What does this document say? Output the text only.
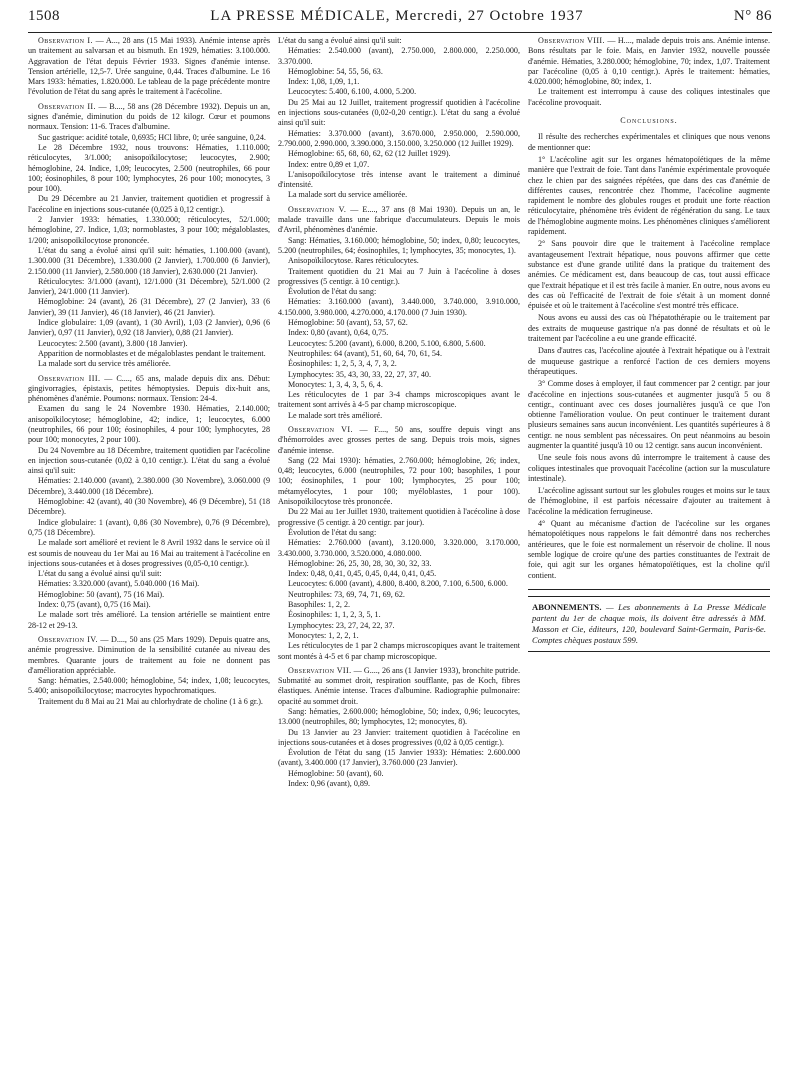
1508	LA PRESSE MÉDICALE, Mercredi, 27 Octobre 1937	N° 86

Observation I. — A..., 28 ans (15 Mai 1933). Anémie intense après un traitement au salvarsan et au bismuth. En 1929, hématies: 3.100.000. Aggravation de l'état depuis Février 1933. Signes d'anémie intense. Tension artérielle, 12,5-7. Urée sanguine, 0,44. Traces d'albumine. Le 16 Mars 1933: hématies, 1.820.000. Le tableau de la page précédente montre l'évolution de l'état du sang après le traitement à l'acécoline.

Observation II. — B...., 58 ans (28 Décembre 1932). Depuis un an, signes d'anémie, diminution du poids de 12 kilogr. Cœur et poumons normaux. Tension: 11-6. Traces d'albumine.

Suc gastrique: acidité totale, 0,6935; HCl libre, 0; urée sanguine, 0,24.

Le 28 Décembre 1932, nous trouvons: Hématies, 1.110.000; réticulocytes, 3/1.000; anisopoïkilocytose; leucocytes, 2.900; hémoglobine, 24. Indice, 1,09; leucocytes, 2.500 (neutrophiles, 66 pour 100; éosinophiles, 8 pour 100; lymphocytes, 26 pour 100; monocytes, 3 pour 100).

Du 29 Décembre au 21 Janvier, traitement quotidien et progressif à l'acécoline en injections sous-cutanée (0,025 à 0,12 centigr.).

2 Janvier 1933: hématies, 1.330.000; réticulocytes, 52/1.000; hémoglobine, 27. Indice, 1,03; normoblastes, 3 pour 100; mégaloblastes, 1/200; anisopoïkilocytose prononcée.

L'état du sang a évolué ainsi qu'il suit: hématies, 1.100.000 (avant), 1.300.000 (31 Décembre), 1.330.000 (2 Janvier), 1.700.000 (6 Janvier), 2.150.000 (11 Janvier), 2.580.000 (18 Janvier), 2.630.000 (21 Janvier).

Réticulocytes: 3/1.000 (avant), 12/1.000 (31 Décembre), 52/1.000 (2 Janvier), 24/1.000 (11 Janvier).

Hémoglobine: 24 (avant), 26 (31 Décembre), 27 (2 Janvier), 33 (6 Janvier), 39 (11 Janvier), 46 (18 Janvier), 46 (21 Janvier).

Indice globulaire: 1,09 (avant), 1 (30 Avril), 1,03 (2 Janvier), 0,96 (6 Janvier), 0,97 (11 Janvier), 0,92 (18 Janvier), 0,88 (21 Janvier).

Leucocytes: 2.500 (avant), 3.800 (18 Janvier).

Apparition de normoblastes et de mégaloblastes pendant le traitement.

La malade sort du service très améliorée.

Observation III. — C...., 65 ans, malade depuis dix ans. Début: gingivorragies, épistaxis, petites hémoptysies. Depuis dix-huit ans, phénomènes d'anémie. Poumons: normaux. Tension: 24-4.

Examen du sang le 24 Novembre 1930. Hématies, 2.140.000; anisopoïkilocytose; hémoglobine, 42; indice, 1; leucocytes, 6.000 (neutrophiles, 66 pour 100; éosinophiles, 4 pour 100; lymphocytes, 28 pour 100; monocytes, 2 pour 100).

Du 24 Novembre au 18 Décembre, traitement quotidien par l'acécoline en injection sous-cutanée (0,02 à 0,10 centigr.). L'état du sang a évolué ainsi qu'il suit:

Hématies: 2.140.000 (avant), 2.380.000 (30 Novembre), 3.060.000 (9 Décembre), 3.440.000 (18 Décembre).

Hémoglobine: 42 (avant), 40 (30 Novembre), 46 (9 Décembre), 51 (18 Décembre).

Indice globulaire: 1 (avant), 0,86 (30 Novembre), 0,76 (9 Décembre), 0,75 (18 Décembre).

Le malade sort amélioré et revient le 8 Avril 1932 dans le service où il est soumis de nouveau du 1er Mai au 16 Mai au traitement à l'acécoline en injections sous-cutanées et à doses progressives (0,05-0,10 centigr.).

L'état du sang a évolué ainsi qu'il suit:

Hématies: 3.320.000 (avant), 5.040.000 (16 Mai).

Hémoglobine: 50 (avant), 75 (16 Mai).

Index: 0,75 (avant), 0,75 (16 Mai).

Le malade sort très amélioré. La tension artérielle se maintient entre 28-12 et 29-13.

Observation IV. — D...., 50 ans (25 Mars 1929). Depuis quatre ans, anémie progressive. Diminution de la sensibilité cutanée au niveau des membres. Quarante jours de traitement au foie ne donnent pas d'amélioration appréciable.

Sang: hématies, 2.540.000; hémoglobine, 54; index, 1,08; leucocytes, 5.400; anisopoïkilocytose; macrocytes hypochromatiques.

Traitement du 8 Mai au 21 Mai au chlorhydrate de choline (1 à 6 gr.).

L'état du sang a évolué ainsi qu'il suit:

Hématies: 2.540.000 (avant), 2.750.000, 2.800.000, 2.250.000, 3.370.000.

Hémoglobine: 54, 55, 56, 63.

Index: 1,08, 1,09, 1,1.

Leucocytes: 5.400, 6.100, 4.000, 5.200.

Du 25 Mai au 12 Juillet, traitement progressif quotidien à l'acécoline en injections sous-cutanées (0,02-0,20 centigr.). L'état du sang a évolué ainsi qu'il suit:

Hématies: 3.370.000 (avant), 3.670.000, 2.950.000, 2.590.000, 2.790.000, 2.990.000, 3.390.000, 3.150.000, 3.250.000 (12 Juillet 1929).

Hémoglobine: 65, 68, 60, 62, 62 (12 Juillet 1929).

Index: entre 0,89 et 1,07.

L'anisopoïkilocytose très intense avant le traitement a diminué d'intensité.

La malade sort du service améliorée.

Observation V. — E...., 37 ans (8 Mai 1930). Depuis un an, le malade travaille dans une fabrique d'accumulateurs. Depuis le mois d'Avril, phénomènes d'anémie.

Sang: Hématies, 3.160.000; hémoglobine, 50; index, 0,80; leucocytes, 5.200 (neutrophiles, 64; éosinophiles, 1; lymphocytes, 35; monocytes, 1).

Anisopoïkilocytose. Rares réticulocytes.

Traitement quotidien du 21 Mai au 7 Juin à l'acécoline à doses progressives (5 centigr. à 10 centigr.).

Évolution de l'état du sang:

Hématies: 3.160.000 (avant), 3.440.000, 3.740.000, 3.910.000, 4.150.000, 3.980.000, 4.270.000, 4.170.000 (7 Juin 1930).

Hémoglobine: 50 (avant), 53, 57, 62.

Index: 0,80 (avant), 0,64, 0,75.

Leucocytes: 5.200 (avant), 6.000, 8.200, 5.100, 6.800, 5.600.

Neutrophiles: 64 (avant), 51, 60, 64, 70, 61, 54.

Éosinophiles: 1, 2, 5, 3, 4, 7, 3, 2.

Lymphocytes: 35, 43, 30, 33, 22, 27, 37, 40.

Monocytes: 1, 3, 4, 3, 5, 6, 4.

Les réticulocytes de 1 par 3-4 champs microscopiques avant le traitement sont arrivés à 4-5 par champ microscopique.

Le malade sort très amélioré.

Observation VI. — F...., 50 ans, souffre depuis vingt ans d'hémorroïdes avec grosses pertes de sang. Depuis trois mois, signes d'anémie intense.

Sang (22 Mai 1930): hématies, 2.760.000; hémoglobine, 26; index, 0,48; leucocytes, 6.000 (neutrophiles, 72 pour 100; basophiles, 1 pour 100; éosinophiles, 1 pour 100; lymphocytes, 25 pour 100; métamyélocytes, 1 pour 100; myéloblastes, 1 pour 100). Anisopoïkilocytose très prononcée.

Du 22 Mai au 1er Juillet 1930, traitement quotidien à l'acécoline à dose progressive (5 centigr. à 20 centigr. par jour).

Évolution de l'état du sang:

Hématies: 2.760.000 (avant), 3.120.000, 3.320.000, 3.170.000, 3.430.000, 3.730.000, 3.520.000, 4.080.000.

Hémoglobine: 26, 25, 30, 28, 30, 30, 32, 33.

Index: 0,48, 0,41, 0,45, 0,45, 0,44, 0,41, 0,45.

Leucocytes: 6.000 (avant), 4.800, 8.400, 8.200, 7.100, 6.500, 6.000.

Neutrophiles: 73, 69, 74, 71, 69, 62.

Basophiles: 1, 2, 2.

Éosinophiles: 1, 1, 2, 3, 5, 1.

Lymphocytes: 23, 27, 24, 22, 37.

Monocytes: 1, 2, 2, 1.

Les réticulocytes de 1 par 2 champs microscopiques avant le traitement sont montés à 4-5 et 6 par champ microscopique.

Observation VII. — G...., 26 ans (1 Janvier 1933), bronchite putride. Submatité au sommet droit, respiration soufflante, pas de Koch, fibres élastiques. Anémie intense. Traces d'albumine. Radiographie pulmonaire: opacité au sommet droit.

Sang: hématies, 2.600.000; hémoglobine, 50; index, 0,96; leucocytes, 13.000 (neutrophiles, 80; lymphocytes, 12; monocytes, 8).

Du 13 Janvier au 23 Janvier: traitement quotidien à l'acécoline en injections sous-cutanées et à doses progressives (0,02 à 0,05 centigr.).

Évolution de l'état du sang (15 Janvier 1933): Hématies: 2.600.000 (avant), 3.400.000 (17 Janvier), 3.760.000 (23 Janvier).

Hémoglobine: 50 (avant), 60.

Index: 0,96 (avant), 0,89.

Observation VIII. — H...., malade depuis trois ans. Anémie intense. Bons résultats par le foie. Mais, en Janvier 1932, nouvelle poussée d'anémie. Hématies, 3.280.000; hémoglobine, 70; index, 1,07. Traitement par l'acécoline (0,05 à 0,10 centigr.). Après le traitement: hématies, 4.020.000; hémoglobine, 80; index, 1.

Le traitement est interrompu à cause des coliques intestinales que l'acécoline provoquait.

Conclusions.

Il résulte des recherches expérimentales et cliniques que nous venons de mentionner que:

1° L'acécoline agit sur les organes hématopoïétiques de la même manière que l'extrait de foie. Tant dans l'anémie expérimentale provoquée chez le chien par des saignées répétées, que dans des cas d'anémie de différentes causes, rencontrée chez l'homme, l'acécoline augmente rapidement le nombre des globules rouges et produit une forte réaction réticulocytaire, phénomène très évident de régénération du sang. Le taux de l'hémoglobine augmente moins. Les phénomènes cliniques s'améliorent rapidement.

2° Sans pouvoir dire que le traitement à l'acécoline remplace avantageusement l'extrait hépatique, nous pouvons affirmer que cette substance est d'une grande utilité dans la pratique du traitement des anémies. Ce médicament est, dans beaucoup de cas, tout aussi efficace que l'extrait hépatique et il est très facile à manier. En outre, nous avons eu des cas où l'efficacité de l'extrait de foie s'était à un moment donné épuisée et où le traitement à l'acécoline s'est montré très efficace.

Nous avons eu aussi des cas où l'hépatothérapie ou le traitement par des extraits de muqueuse gastrique n'a pas donné de résultats et où le traitement par l'acécoline a eu une grande efficacité.

Dans d'autres cas, l'acécoline ajoutée à l'extrait hépatique ou à l'extrait de muqueuse gastrique a renforcé l'action de ces derniers moyens thérapeutiques.

3° Comme doses à employer, il faut commencer par 2 centigr. par jour d'acécoline en injections sous-cutanées et augmenter jusqu'à 5 ou 8 centigr., continuant avec ces doses journalières jusqu'à ce que l'on obtienne l'amélioration voulue. On peut continuer le traitement durant plusieurs semaines sans aucun inconvénient. Les quantités supérieures à 8 centigr. ne nous semblent pas nécessaires. On peut néanmoins au besoin augmenter la quantité jusqu'à 10 ou 12 centigr. sans aucun inconvénient.

Une seule fois nous avons dû interrompre le traitement à cause des coliques intestinales que provoquait l'acécoline (action sur la musculature intestinale).

L'acécoline agissant surtout sur les globules rouges et moins sur le taux de l'hémoglobine, il est parfois nécessaire d'ajouter au traitement à l'acécoline la médication ferrugineuse.

4° Quant au mécanisme d'action de l'acécoline sur les organes hématopoïétiques nous rappelons le fait démontré dans nos recherches antérieures, que le foie est normalement un réservoir de choline. Il nous semble logique de croire qu'une des parties constituantes de l'extrait de foie, qui agit sur les organes hématopoïétiques, est la choline qu'il contient.

ABONNEMENTS. — Les abonnements à La Presse Médicale partent du 1er de chaque mois, ils doivent être adressés à MM. Masson et Cie, éditeurs, 120, boulevard Saint-Germain, Paris-6e. Comptes chèques postaux 599.
